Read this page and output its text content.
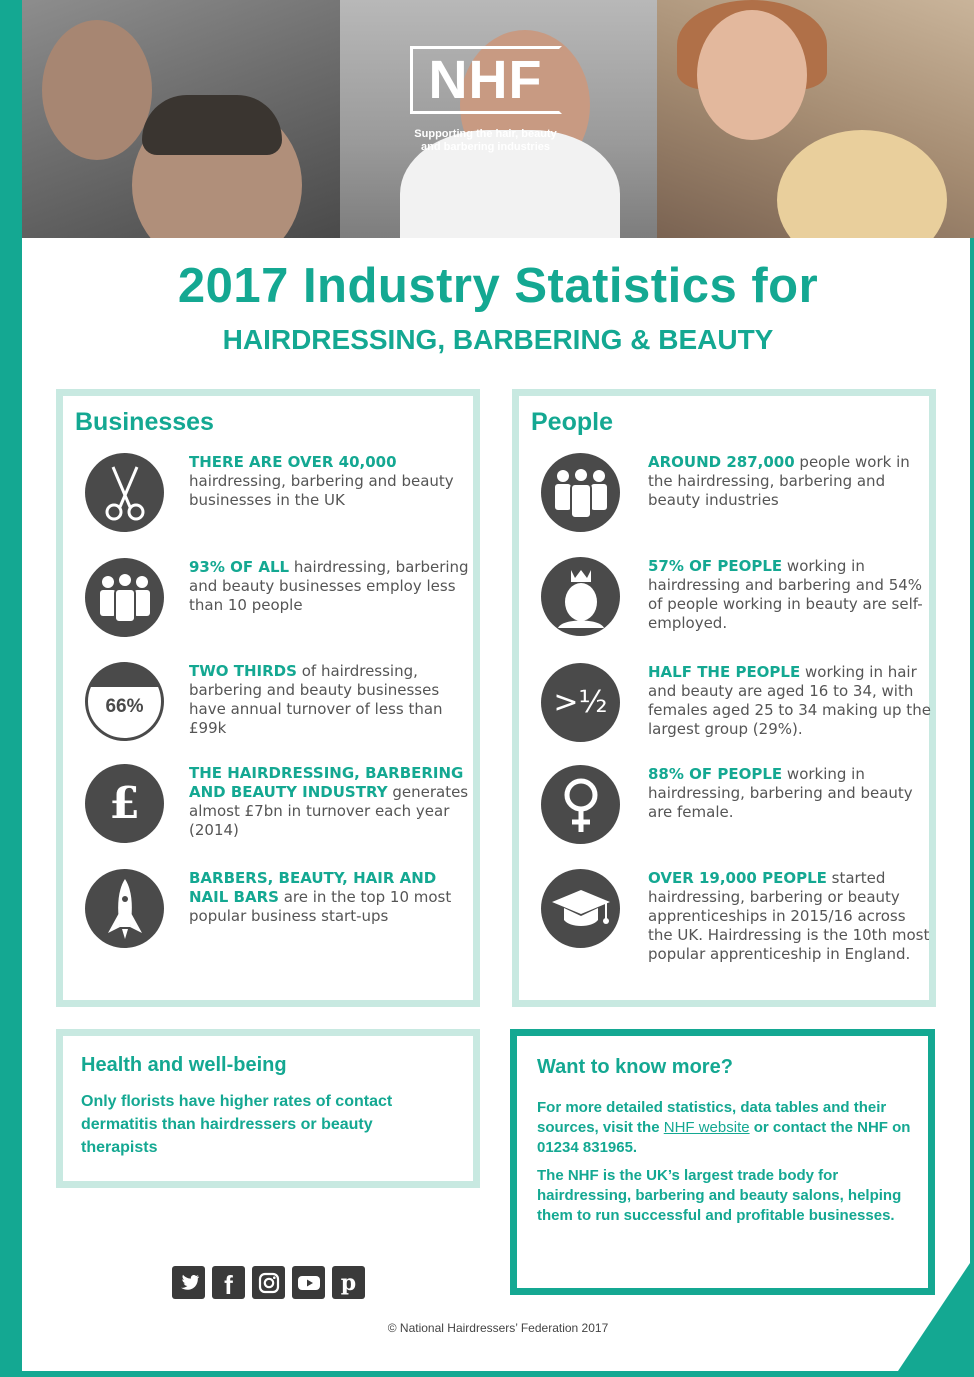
NHF
Supporting the hair, beauty
and barbering industries
2017 Industry Statistics for
HAIRDRESSING, BARBERING & BEAUTY
Businesses
THERE ARE OVER 40,000
hairdressing, barbering and beauty businesses in the UK
93% OF ALL hairdressing, barbering and beauty businesses employ less than 10 people
66%
TWO THIRDS of hairdressing, barbering and beauty businesses have annual turnover of less than £99k
£
THE HAIRDRESSING, BARBERING AND BEAUTY INDUSTRY generates almost £7bn in turnover each year (2014)
BARBERS, BEAUTY, HAIR AND NAIL BARS are in the top 10 most popular business start-ups
People
AROUND 287,000 people work in the hairdressing, barbering and beauty industries
57% OF PEOPLE working in hairdressing and barbering and 54% of people working in beauty are self-employed.
>½
HALF THE PEOPLE working in hair and beauty are aged 16 to 34, with females aged 25 to 34 making up the largest group (29%).
88% OF PEOPLE working in hairdressing, barbering and beauty are female.
OVER 19,000 PEOPLE started hairdressing, barbering or beauty apprenticeships in 2015/16 across the UK. Hairdressing is the 10th most popular apprenticeship in England.
Health and well-being
Only florists have higher rates of contact dermatitis than hairdressers or beauty therapists
Want to know more?
For more detailed statistics, data tables and their sources, visit the NHF website or contact the NHF on 01234 831965.
The NHF is the UK’s largest trade body for hairdressing, barbering and beauty salons, helping them to run successful and profitable businesses.
f	p
© National Hairdressers’ Federation 2017
